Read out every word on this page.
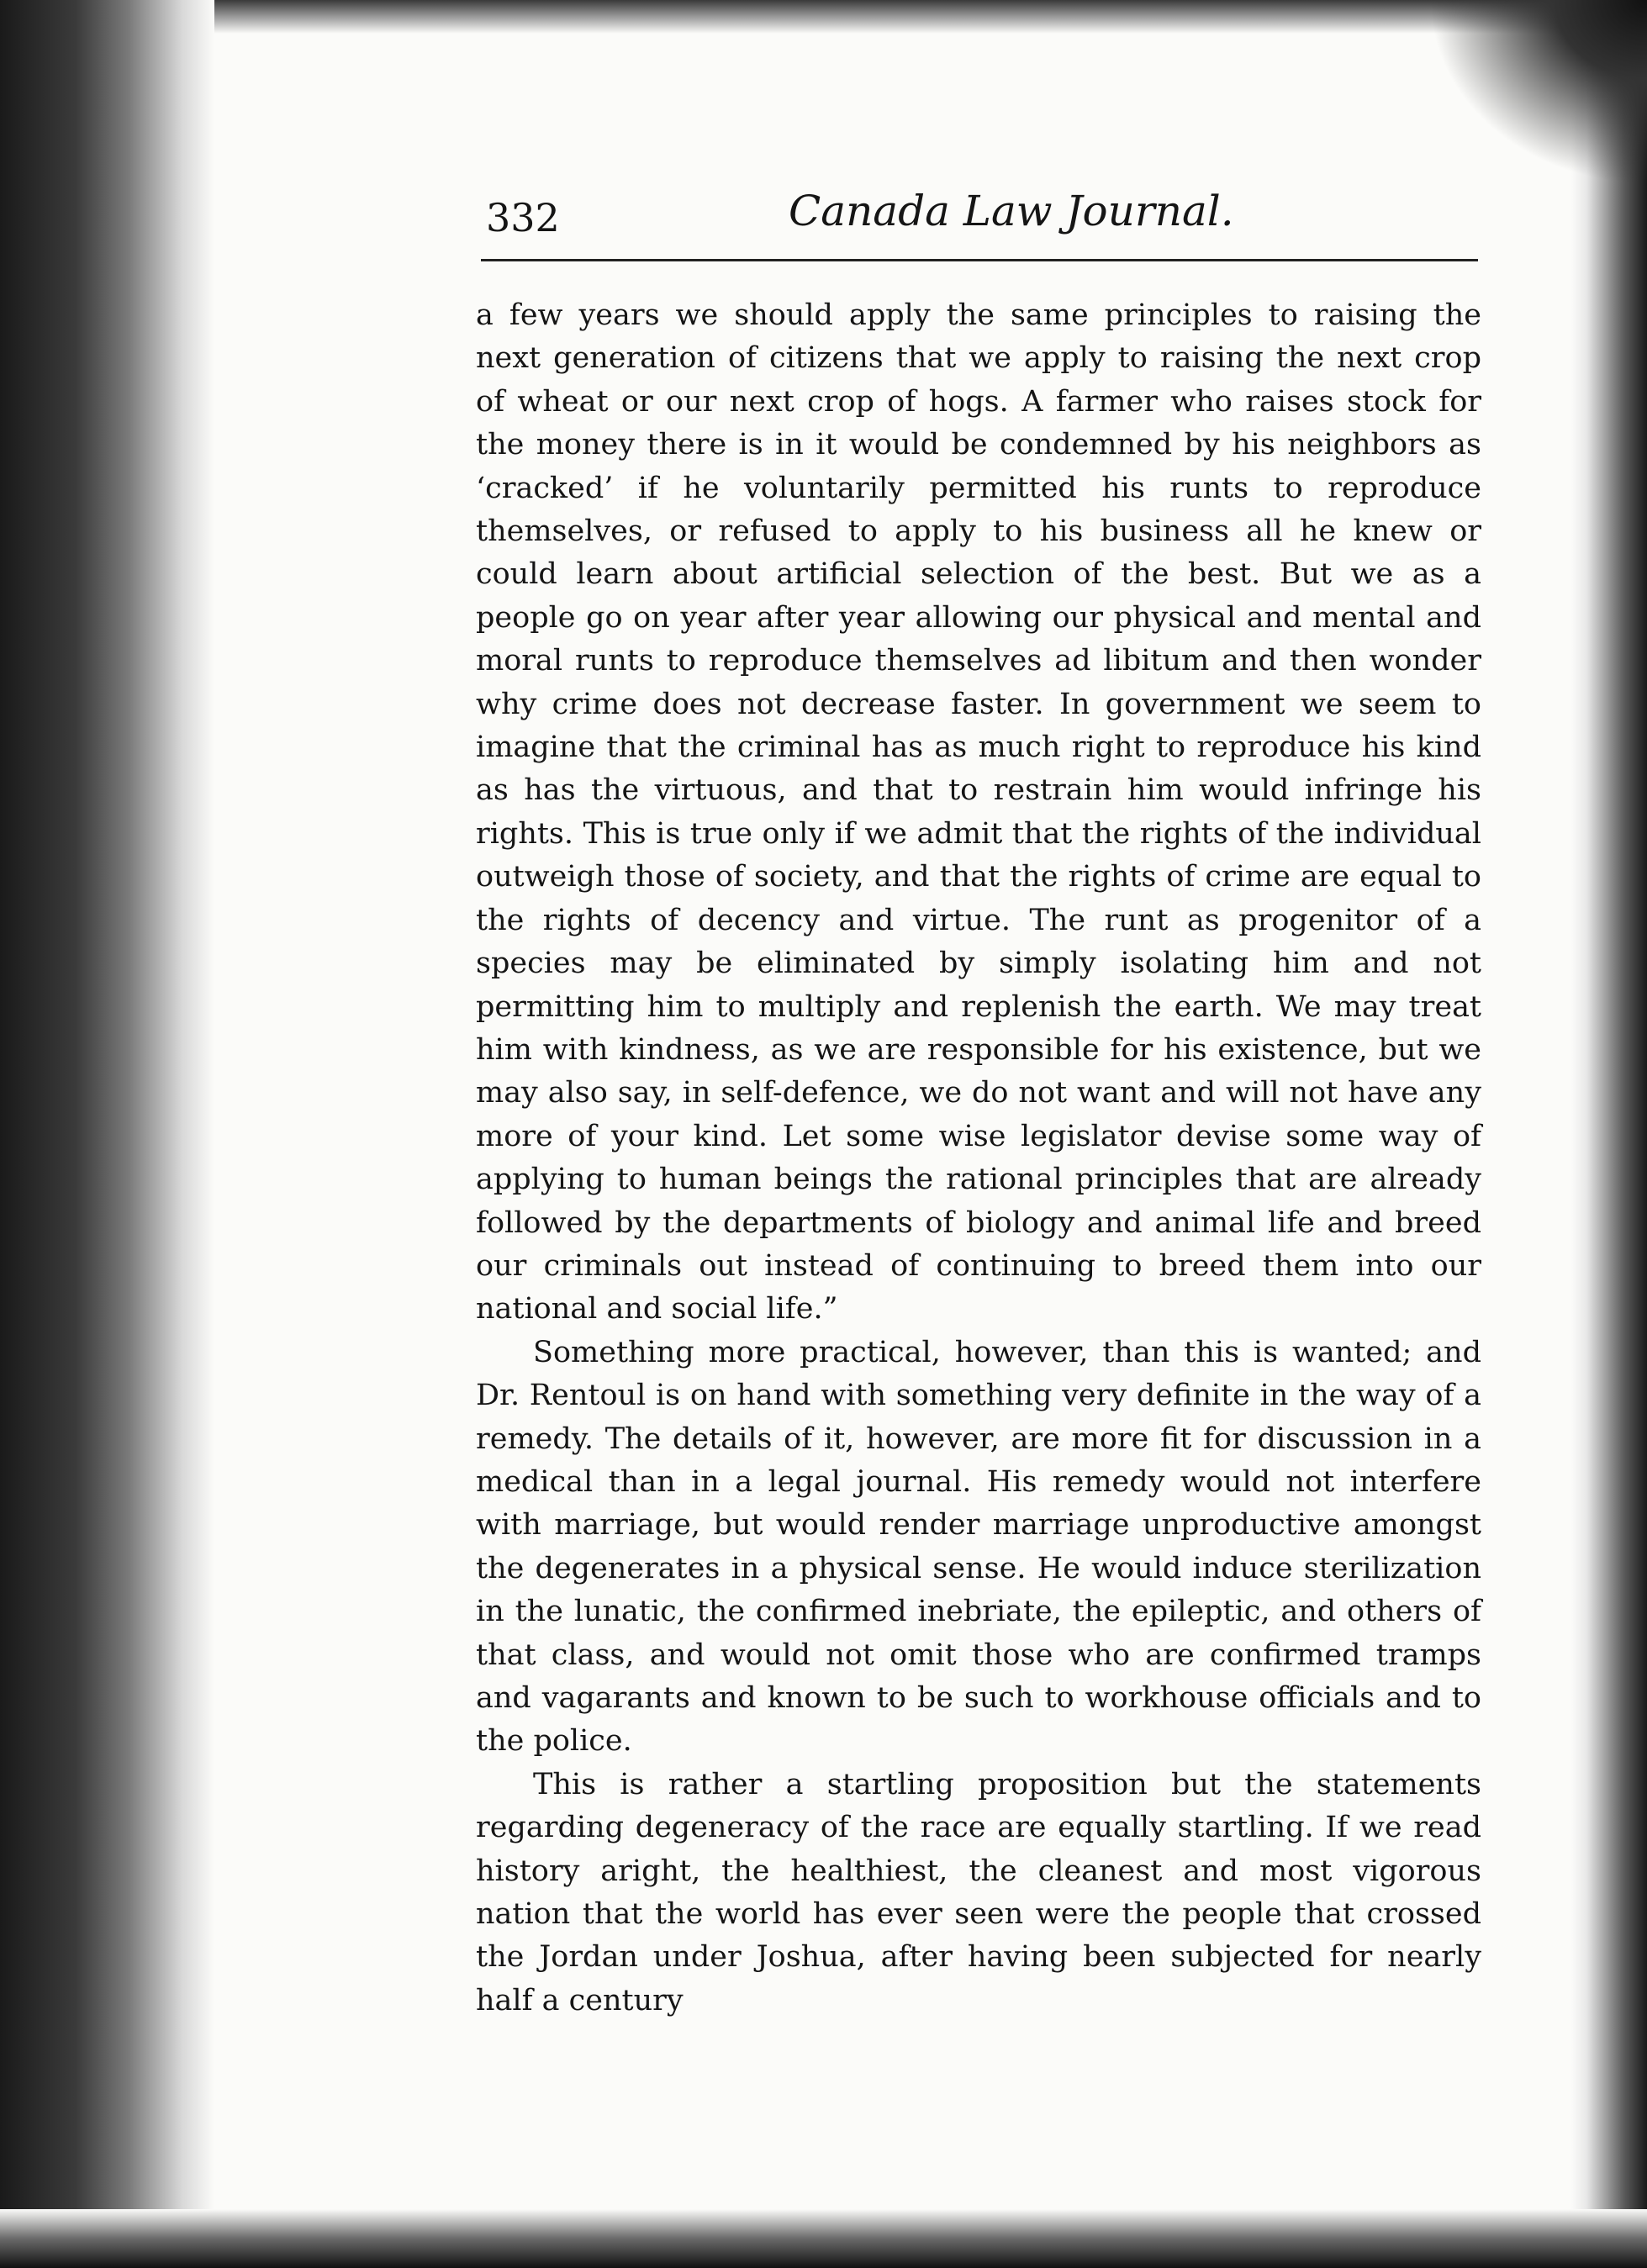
332	Canada Law Journal.

a few years we should apply the same principles to raising the next generation of citizens that we apply to raising the next crop of wheat or our next crop of hogs. A farmer who raises stock for the money there is in it would be condemned by his neighbors as ‘cracked’ if he voluntarily permitted his runts to reproduce themselves, or refused to apply to his business all he knew or could learn about artificial selection of the best. But we as a people go on year after year allowing our physical and mental and moral runts to reproduce themselves ad libitum and then wonder why crime does not decrease faster. In government we seem to imagine that the criminal has as much right to reproduce his kind as has the virtuous, and that to restrain him would infringe his rights. This is true only if we admit that the rights of the individual outweigh those of society, and that the rights of crime are equal to the rights of decency and virtue. The runt as progenitor of a species may be eliminated by simply isolating him and not permitting him to multiply and replenish the earth. We may treat him with kindness, as we are responsible for his existence, but we may also say, in self-defence, we do not want and will not have any more of your kind. Let some wise legislator devise some way of applying to human beings the rational principles that are already followed by the departments of biology and animal life and breed our criminals out instead of continuing to breed them into our national and social life.”

Something more practical, however, than this is wanted; and Dr. Rentoul is on hand with something very definite in the way of a remedy. The details of it, however, are more fit for discussion in a medical than in a legal journal. His remedy would not interfere with marriage, but would render marriage unproductive amongst the degenerates in a physical sense. He would induce sterilization in the lunatic, the confirmed inebriate, the epileptic, and others of that class, and would not omit those who are confirmed tramps and vagarants and known to be such to workhouse officials and to the police.

This is rather a startling proposition but the statements regarding degeneracy of the race are equally startling. If we read history aright, the healthiest, the cleanest and most vigorous nation that the world has ever seen were the people that crossed the Jordan under Joshua, after having been subjected for nearly half a century
